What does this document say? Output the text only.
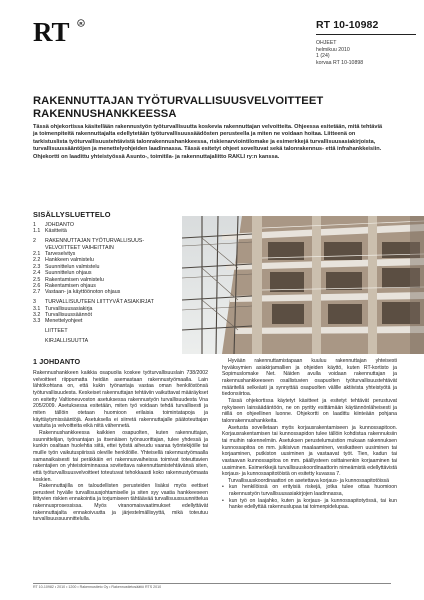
RT R	RT 10-10982
OHJEET
helmikuu 2010
1 (24)
korvaa RT 10-10898
RAKENNUTTAJAN TYÖTURVALLISUUSVELVOITTEET
RAKENNUSHANKKEESSA
Tässä ohjekortissa käsitellään rakennustyön työturvallisuutta koskevia rakennuttajan velvoitteita. Ohjeessa esitetään, mitä tehtäviä ja toimenpiteitä rakennuttajalta edellytetään työturvallisuussäädösten perusteella ja miten ne voidaan hoitaa. Liitteenä on tarkistuslista työturvallisuustehtävistä talonrakennushankkeessa, riskienarviointilomake ja esimerkkejä turvallisuusasiakirjoista, turvallisuussääntöjen ja menettelyohjeiden laadinnassa. Tässä esitetyt ohjeet soveltuvat sekä talonrakennus- että infrahankkeisiin. Ohjekortti on laadittu yhteistyössä Asunto-, toimitila- ja rakennuttajaliitto RAKLI ry:n kanssa.
SISÄLLYSLUETTELO
1 JOHDANTO
1.1 Käsitteitä
2 RAKENNUTTAJAN TYÖTURVALLISUUS-
VELVOITTEET VAIHEITTAIN
2.1 Tarveselvitys
2.2 Hankkeen valmistelu
2.3 Suunnittelun valmistelu
2.4 Suunnittelun ohjaus
2.5 Rakentamisen valmistelu
2.6 Rakentamisen ohjaus
2.7 Vastaan- ja käyttöönoton ohjaus
3 TURVALLISUUTEEN LIITTYVÄT ASIAKIRJAT
3.1 Turvallisuusasiakirja
3.2 Turvallisuussäännöt
3.3 Menettelyohjeet
LIITTEET
KIRJALLISUUTTA
1 JOHDANTO

Rakennushankkeen kaikkia osapuolia koskee työturvallisuuslain 738/2002 velvoitteet riippumatta heidän asemastaan rakennustyömaalla. Lain lähtökohtana on, että kukin työnantaja vastaa oman henkilöstönsä työturvallisuudesta. Keskeiset rakennuttajan tehtäviin vaikuttavat määräykset on esitetty Valtioneuvoston asetuksessa rakennustyön turvallisuudesta Vna 205/2009. Asetuksessa esitetään, miten työ voidaan tehdä turvallisesti ja miten tällöin otetaan huomioon erilaisia toimintatapoja ja käyttäytymissääntöjä. Asetuksella ei siirretä rakennuttajalle päätoteuttajan vastuita ja velvoitteita eikä niitä vähennetä.

Rakennushankkeessa kaikkien osapuolten, kuten rakennuttajan, suunnittelijan, työnantajan ja itsenäisen työnsuorittajan, tulee yhdessä ja kunkin osaltaan huolehtia siitä, ettei työstä aiheudu vaaraa työntekijöille tai muille työn vaikutuspiirissä oleville henkilöille. Yhteisellä rakennustyömaalla samanaikaisesti tai peräkkäin eri rakennusvaiheissa toimivat toteuttavien rakentajien on yhteistoiminnassa sovitettava rakennuttamistehtävänsä siten, että työturvallisuusvelvoitteet toteutuvat tehokkaasti koko rakennustyömaata koskien.

Rakennuttajilla on taloudellisten perusteiden lisäksi myös eettiset perusteet hyvälle turvallisuusjohtamiselle ja siten syy vaatia hankkeeseen liittyvien riskien ennakointia ja torjumiseen tähtäävää turvallisuussuunnittelua rakennusprosessissa. Myös viranomaisvaatimukset edellyttävät rakennuttajalta ennakoivuutta ja järjestelmällisyyttä, mikä toteutuu turvallisuussuunnittelulla.

Hyvään rakennuttamistapaan kuuluu rakennuttajan yhteisesti hyväksymien asiakirjamallien ja ohjeiden käyttö, kuten RT-kortisto ja Sopimuslomake Net. Näiden avulla voidaan rakennuttajan ja rakennushankkeeseen osallistuvien osapuolten työturvallisuustehtävät määritellä selkeästi ja synnyttää osapuolten välille aktiivista yhteistyötä ja tiedonsiirtoa.

Tässä ohjekortissa käytetyt käsitteet ja esitetyt tehtävät perustuvat nykyiseen lainsäädäntöön, ne on pyritty esittämään käytännönläheisesti ja niillä on ohjeellinen luonne. Ohjekortti on laadittu kiinteään pohjana talonrakennushankkeita.

Asetusta sovelletaan myös korjausrakentamiseen ja kunnossapitoon. Korjausrakentamisen tai kunnossapidon tulee tällöin kohdistua rakennuksiin tai muihin rakennelmiin. Asetuksen perustelumuistion mukaan rakennuksen kunnossapitoa on mm. julkisivun maalaaminen, vesikatteen uusiminen tai korjaaminen, putkiston uusiminen ja vastaavat työt. Tien, kadun tai vastaavan kunnossapitoa on mm. päällysteen osittainenkin korjaaminen tai uusiminen. Esimerkkejä turvallisuuskoordinaattorin nimeämistä edellyttävistä korjaus- ja kunnossapitotöistä on esitetty kuvassa 7.

Turvallisuuskoordinaattori on asetettava korjaus- ja kunnossapitotöissä

• kun henkilöissä on erityisiä riskejä, jotka tulee ottaa huomioon rakennustyön turvallisuusasiakirjojen laadinnassa,
• kun työ on laajahko, kuten ja korjaus- ja kunnossapitotyössä, tai kun hanke edellyttää rakennuslupaa tai toimenpidelupaa.
RT 10-10982 • 2010 • 1200 • Rakennustieto Oy • Rakennustietosäätiö RTS 2010
